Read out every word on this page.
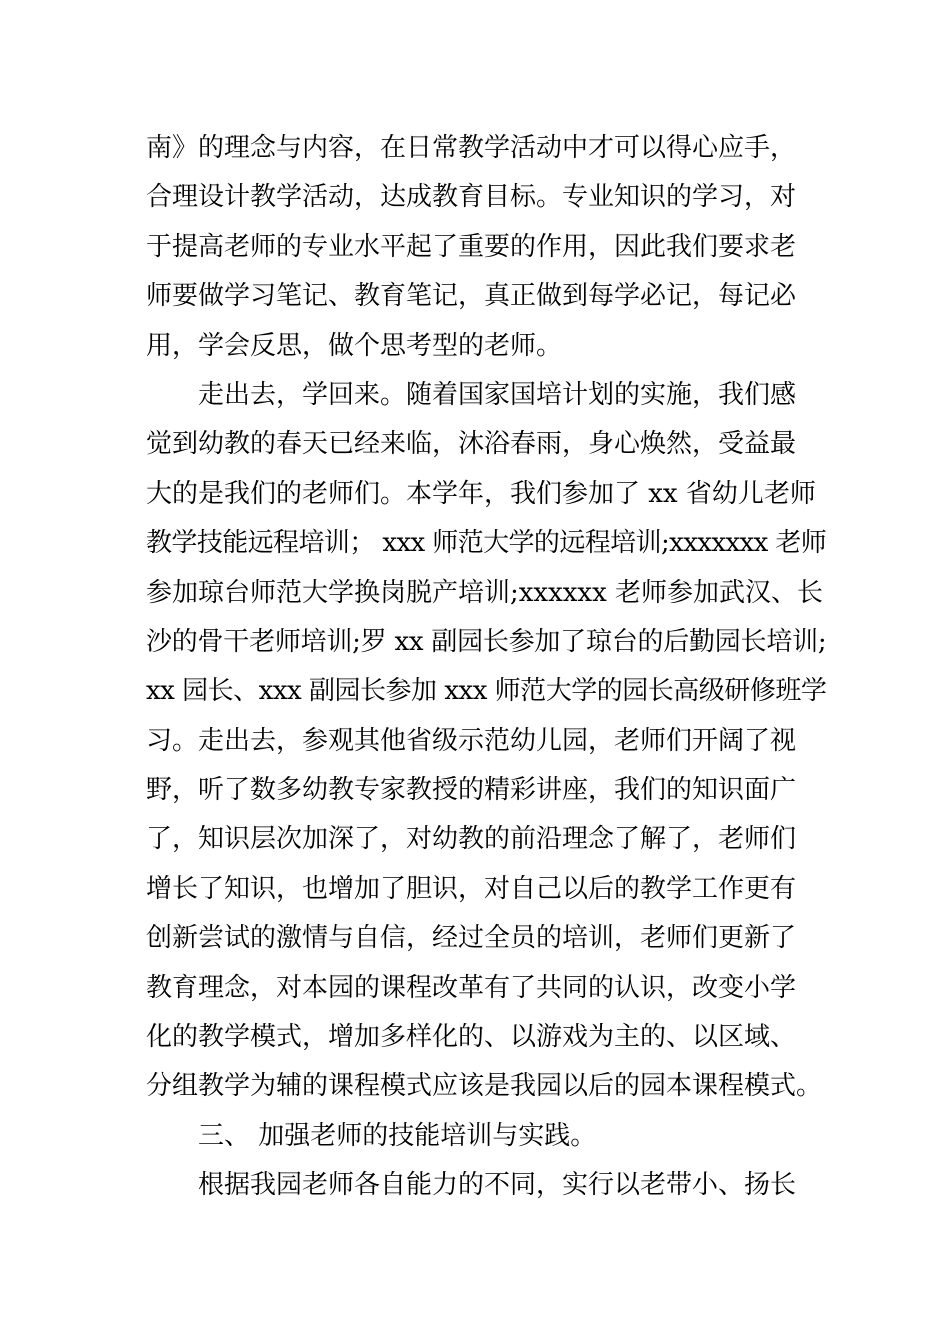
南》的理念与内容，在日常教学活动中才可以得心应手，
合理设计教学活动，达成教育目标。专业知识的学习，对
于提高老师的专业水平起了重要的作用，因此我们要求老
师要做学习笔记、教育笔记，真正做到每学必记，每记必
用，学会反思，做个思考型的老师。
走出去，学回来。随着国家国培计划的实施，我们感
觉到幼教的春天已经来临，沐浴春雨，身心焕然，受益最
大的是我们的老师们。本学年，我们参加了 xx 省幼儿老师
教学技能远程培训； xxx 师范大学的远程培训;xxxxxxx 老师
参加琼台师范大学换岗脱产培训;xxxxxx 老师参加武汉、长
沙的骨干老师培训;罗 xx 副园长参加了琼台的后勤园长培训;
xx 园长、xxx 副园长参加 xxx 师范大学的园长高级研修班学
习。走出去，参观其他省级示范幼儿园，老师们开阔了视
野，听了数多幼教专家教授的精彩讲座，我们的知识面广
了，知识层次加深了，对幼教的前沿理念了解了，老师们
增长了知识，也增加了胆识，对自己以后的教学工作更有
创新尝试的激情与自信，经过全员的培训，老师们更新了
教育理念，对本园的课程改革有了共同的认识，改变小学
化的教学模式，增加多样化的、以游戏为主的、以区域、
分组教学为辅的课程模式应该是我园以后的园本课程模式。
三、 加强老师的技能培训与实践。
根据我园老师各自能力的不同，实行以老带小、扬长
